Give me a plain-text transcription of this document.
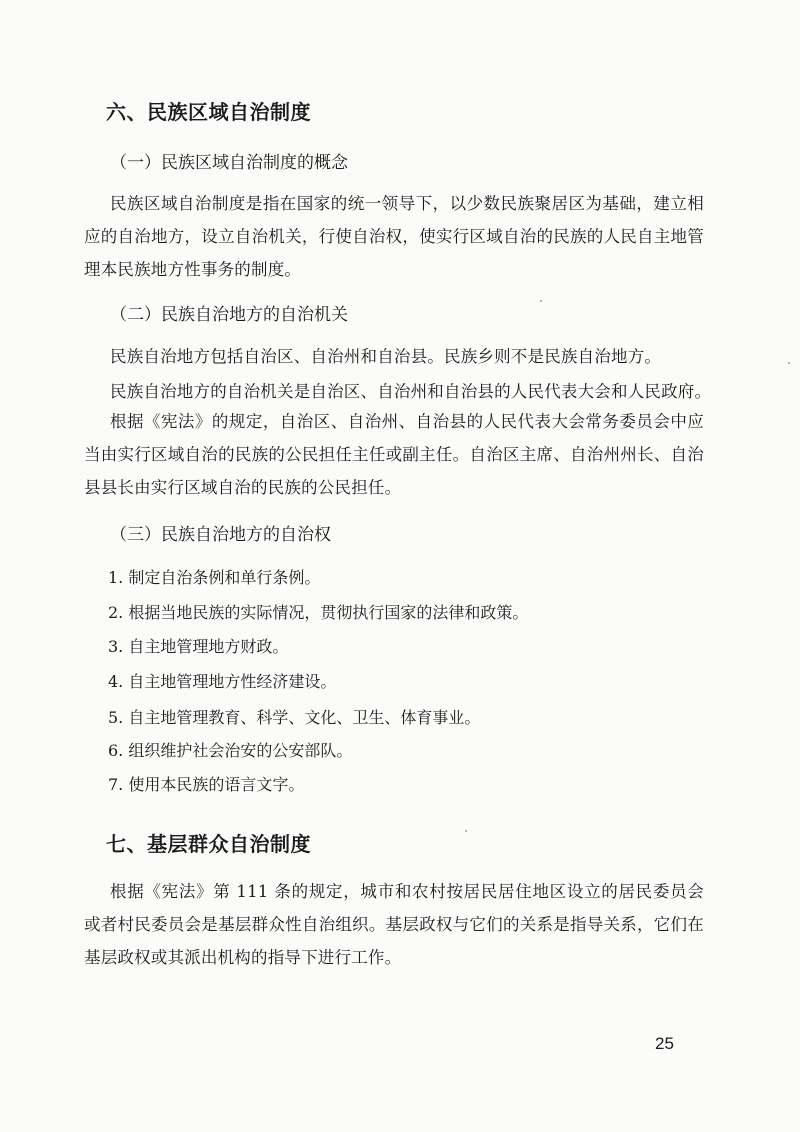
六、民族区域自治制度
（一）民族区域自治制度的概念
民族区域自治制度是指在国家的统一领导下，以少数民族聚居区为基础，建立相应的自治地方，设立自治机关，行使自治权，使实行区域自治的民族的人民自主地管理本民族地方性事务的制度。
（二）民族自治地方的自治机关
民族自治地方包括自治区、自治州和自治县。民族乡则不是民族自治地方。
民族自治地方的自治机关是自治区、自治州和自治县的人民代表大会和人民政府。
根据《宪法》的规定，自治区、自治州、自治县的人民代表大会常务委员会中应当由实行区域自治的民族的公民担任主任或副主任。自治区主席、自治州州长、自治县县长由实行区域自治的民族的公民担任。
（三）民族自治地方的自治权
1. 制定自治条例和单行条例。
2. 根据当地民族的实际情况，贯彻执行国家的法律和政策。
3. 自主地管理地方财政。
4. 自主地管理地方性经济建设。
5. 自主地管理教育、科学、文化、卫生、体育事业。
6. 组织维护社会治安的公安部队。
7. 使用本民族的语言文字。
七、基层群众自治制度
根据《宪法》第 111 条的规定，城市和农村按居民居住地区设立的居民委员会或者村民委员会是基层群众性自治组织。基层政权与它们的关系是指导关系，它们在基层政权或其派出机构的指导下进行工作。
25
